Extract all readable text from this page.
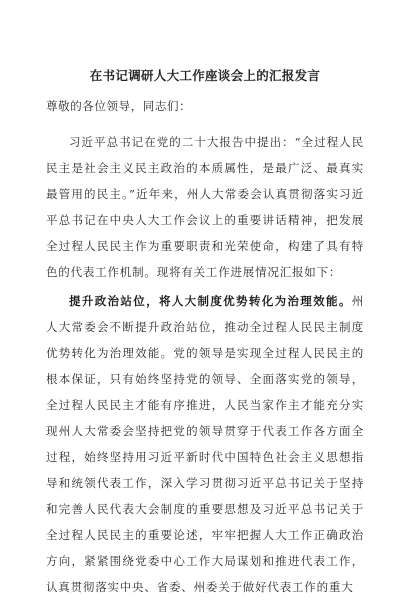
在书记调研人大工作座谈会上的汇报发言
尊敬的各位领导，同志们：

习近平总书记在党的二十大报告中提出：“全过程人民民主是社会主义民主政治的本质属性，是最广泛、最真实最管用的民主。”近年来，州人大常委会认真贯彻落实习近平总书记在中央人大工作会议上的重要讲话精神，把发展全过程人民民主作为重要职责和光荣使命，构建了具有特色的代表工作机制。现将有关工作进展情况汇报如下：

提升政治站位，将人大制度优势转化为治理效能。州人大常委会不断提升政治站位，推动全过程人民民主制度优势转化为治理效能。党的领导是实现全过程人民民主的根本保证，只有始终坚持党的领导、全面落实党的领导，全过程人民民主才能有序推进，人民当家作主才能充分实现州人大常委会坚持把党的领导贯穿于代表工作各方面全过程，始终坚持用习近平新时代中国特色社会主义思想指导和统领代表工作，深入学习贯彻习近平总书记关于坚持和完善人民代表大会制度的重要思想及习近平总书记关于全过程人民民主的重要论述，牢牢把握人大工作正确政治方向，紧紧围绕党委中心工作大局谋划和推进代表工作，认真贯彻落实中央、省委、州委关于做好代表工作的重大
